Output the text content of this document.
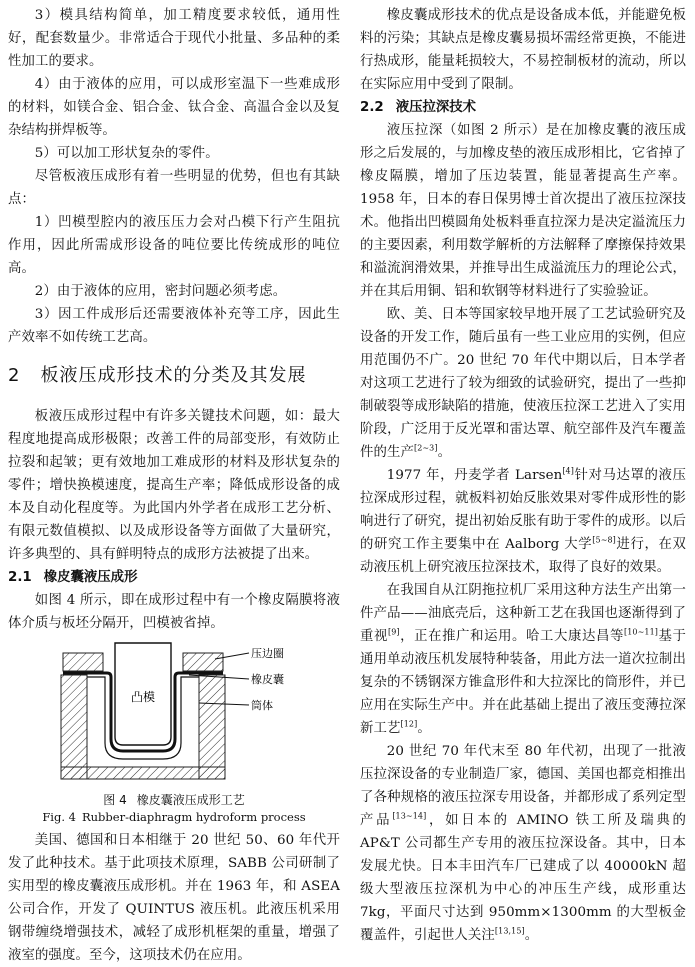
3）模具结构简单，加工精度要求较低，通用性好，配套数量少。非常适合于现代小批量、多品种的柔性加工的要求。

4）由于液体的应用，可以成形室温下一些难成形的材料，如镁合金、铝合金、钛合金、高温合金以及复杂结构拼焊板等。

5）可以加工形状复杂的零件。

尽管板液压成形有着一些明显的优势，但也有其缺点：

1）凹模型腔内的液压压力会对凸模下行产生阻抗作用，因此所需成形设备的吨位要比传统成形的吨位高。

2）由于液体的应用，密封问题必须考虑。

3）因工件成形后还需要液体补充等工序，因此生产效率不如传统工艺高。

2 板液压成形技术的分类及其发展

板液压成形过程中有许多关键技术问题，如：最大程度地提高成形极限；改善工件的局部变形，有效防止拉裂和起皱；更有效地加工难成形的材料及形状复杂的零件；增快换模速度，提高生产率；降低成形设备的成本及自动化程度等。为此国内外学者在成形工艺分析、有限元数值模拟、以及成形设备等方面做了大量研究，许多典型的、具有鲜明特点的成形方法被提了出来。

2.1 橡皮囊液压成形

如图 4 所示，即在成形过程中有一个橡皮隔膜将液体介质与板坯分隔开，凹模被省掉。

凸模
压边圈
橡皮囊
筒体
图 4 橡皮囊液压成形工艺
Fig. 4 Rubber-diaphragm hydroform process

美国、德国和日本相继于 20 世纪 50、60 年代开发了此种技术。基于此项技术原理，SABB 公司研制了实用型的橡皮囊液压成形机。并在 1963 年，和 ASEA 公司合作，开发了 QUINTUS 液压机。此液压机采用钢带缠绕增强技术，减轻了成形机框架的重量，增强了液室的强度。至今，这项技术仍在应用。

橡皮囊成形技术的优点是设备成本低，并能避免板料的污染；其缺点是橡皮囊易损坏需经常更换，不能进行热成形，能量耗损较大，不易控制板材的流动，所以在实际应用中受到了限制。

2.2 液压拉深技术

液压拉深（如图 2 所示）是在加橡皮囊的液压成形之后发展的，与加橡皮垫的液压成形相比，它省掉了橡皮隔膜，增加了压边装置，能显著提高生产率。1958 年，日本的春日保男博士首次提出了液压拉深技术。他指出凹模圆角处板料垂直拉深力是决定溢流压力的主要因素，利用数学解析的方法解释了摩擦保持效果和溢流润滑效果，并推导出生成溢流压力的理论公式，并在其后用铜、铝和软钢等材料进行了实验验证。

欧、美、日本等国家较早地开展了工艺试验研究及设备的开发工作，随后虽有一些工业应用的实例，但应用范围仍不广。20 世纪 70 年代中期以后，日本学者对这项工艺进行了较为细致的试验研究，提出了一些抑制破裂等成形缺陷的措施，使液压拉深工艺进入了实用阶段，广泛用于反光罩和雷达罩、航空部件及汽车覆盖件的生产[2~3]。

1977 年，丹麦学者 Larsen[4]针对马达罩的液压拉深成形过程，就板料初始反胀效果对零件成形性的影响进行了研究，提出初始反胀有助于零件的成形。以后的研究工作主要集中在 Aalborg 大学[5~8]进行，在双动液压机上研究液压拉深技术，取得了良好的效果。

在我国自从江阴拖拉机厂采用这种方法生产出第一件产品——油底壳后，这种新工艺在我国也逐渐得到了重视[9]，正在推广和运用。哈工大康达昌等[10~11]基于通用单动液压机发展特种装备，用此方法一道次拉制出复杂的不锈钢深方锥盒形件和大拉深比的筒形件，并已应用在实际生产中。并在此基础上提出了液压变薄拉深新工艺[12]。

20 世纪 70 年代末至 80 年代初，出现了一批液压拉深设备的专业制造厂家，德国、美国也都竞相推出了各种规格的液压拉深专用设备，并都形成了系列定型产品[13~14]，如日本的 AMINO 铁工所及瑞典的 AP&T 公司都生产专用的液压拉深设备。其中，日本发展尤快。日本丰田汽车厂已建成了以 40000kN 超级大型液压拉深机为中心的冲压生产线，成形重达 7kg，平面尺寸达到 950mm×1300mm 的大型板金覆盖件，引起世人关注[13,15]。
